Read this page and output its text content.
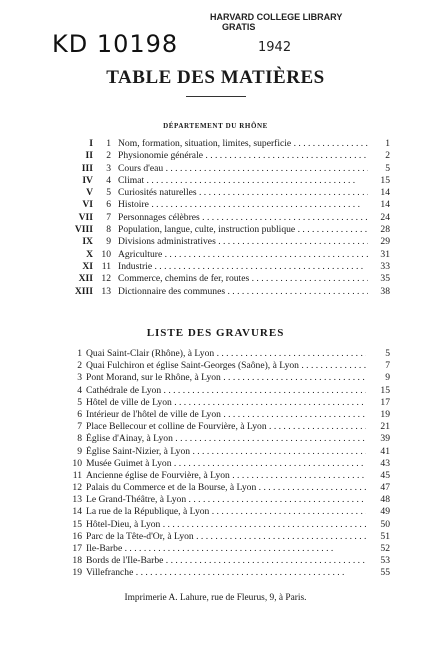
KD 10198
HARVARD COLLEGE LIBRARY
GRATIS
1942
TABLE DES MATIÈRES
DÉPARTEMENT DU RHÔNE
I	1 Nom, formation, situation, limites, superficie . . .	1
II	2 Physionomie générale . . .	2
III	3 Cours d'eau . . .	5
IV	4 Climat . . .	15
V	5 Curiosités naturelles . . .	14
VI	6 Histoire . . .	14
VII	7 Personnages célèbres . . .	24
VIII	8 Population, langue, culte, instruction publique . . .	28
IX	9 Divisions administratives . . .	29
X 10 Agriculture . . .	31
XI 11 Industrie . . .	33
XII 12 Commerce, chemins de fer, routes . . .	35
XIII 13 Dictionnaire des communes . . .	38
LISTE DES GRAVURES
1 Quai Saint-Clair (Rhône), à Lyon . . .	5
2 Quai Fulchiron et église Saint-Georges (Saône), à Lyon . . .	7
3 Pont Morand, sur le Rhône, à Lyon . . .	9
4 Cathédrale de Lyon . . .	15
5 Hôtel de ville de Lyon . . .	17
6 Intérieur de l'hôtel de ville de Lyon . . .	19
7 Place Bellecour et colline de Fourvière, à Lyon . . .	21
8 Église d'Ainay, à Lyon . . .	39
9 Église Saint-Nizier, à Lyon . . .	41
10 Musée Guimet à Lyon . . .	43
11 Ancienne église de Fourvière, à Lyon . . .	45
12 Palais du Commerce et de la Bourse, à Lyon . . .	47
13 Le Grand-Théâtre, à Lyon . . .	48
14 La rue de la République, à Lyon . . .	49
15 Hôtel-Dieu, à Lyon . . .	50
16 Parc de la Tête-d'Or, à Lyon . . .	51
17 Ile-Barbe . . .	52
18 Bords de l'Ile-Barbe . . .	53
19 Villefranche . . .	55
Imprimerie A. Lahure, rue de Fleurus, 9, à Paris.
